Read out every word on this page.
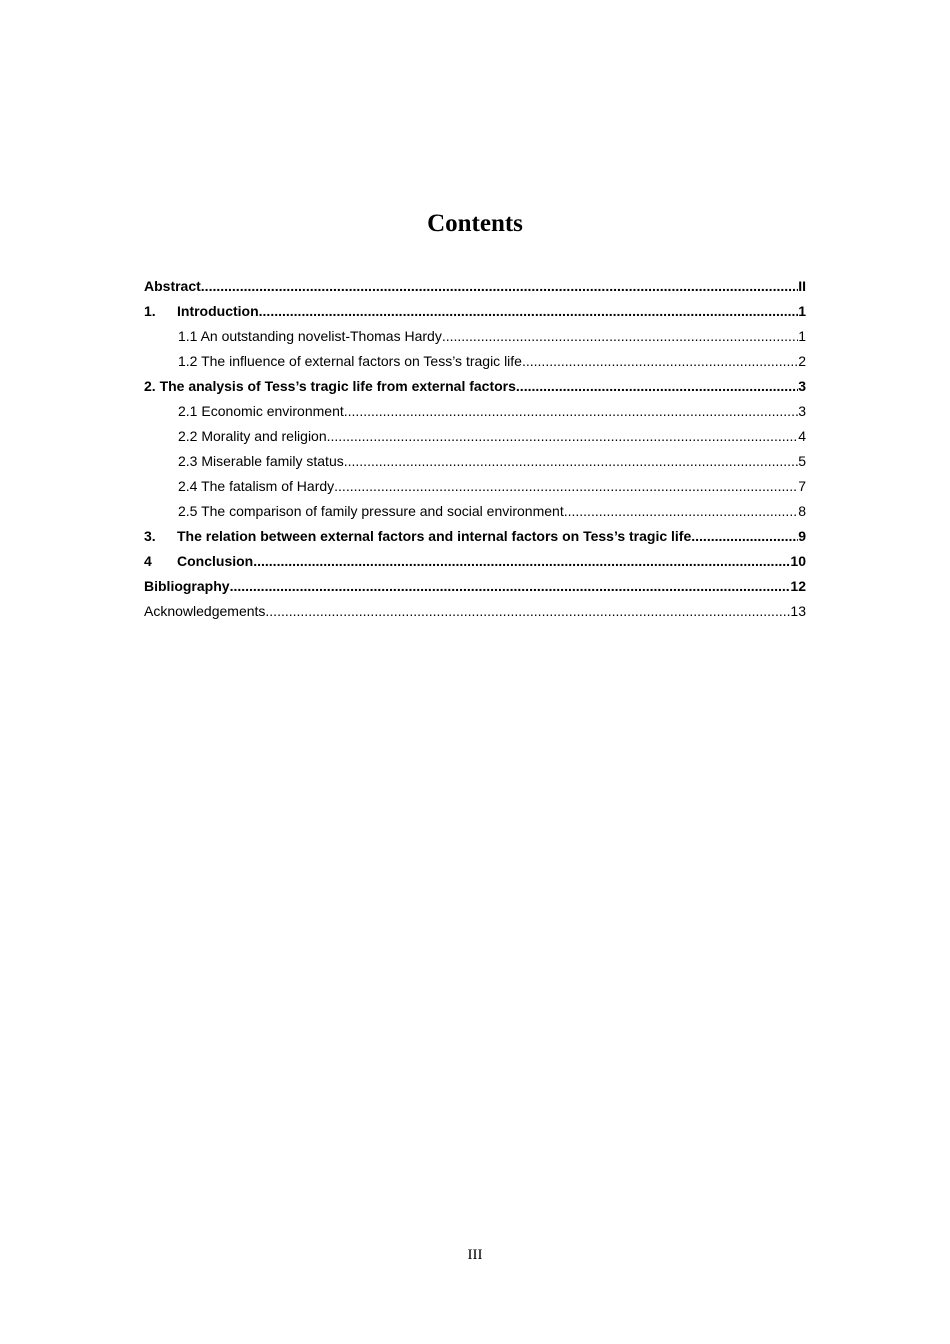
Contents
Abstract .....	II
1.	Introduction .....	1
1.1 An outstanding novelist-Thomas Hardy .....	1
1.2 The influence of external factors on Tess’s tragic life .....	2
2. The analysis of Tess’s tragic life from external factors .....	3
2.1 Economic environment .....	3
2.2 Morality and religion .....	4
2.3 Miserable family status .....	5
2.4 The fatalism of Hardy .....	7
2.5 The comparison of family pressure and social environment .....	8
3.	The relation between external factors and internal factors on Tess’s tragic life .....	9
4	Conclusion .....	10
Bibliography .....	12
Acknowledgements .....	13
III
